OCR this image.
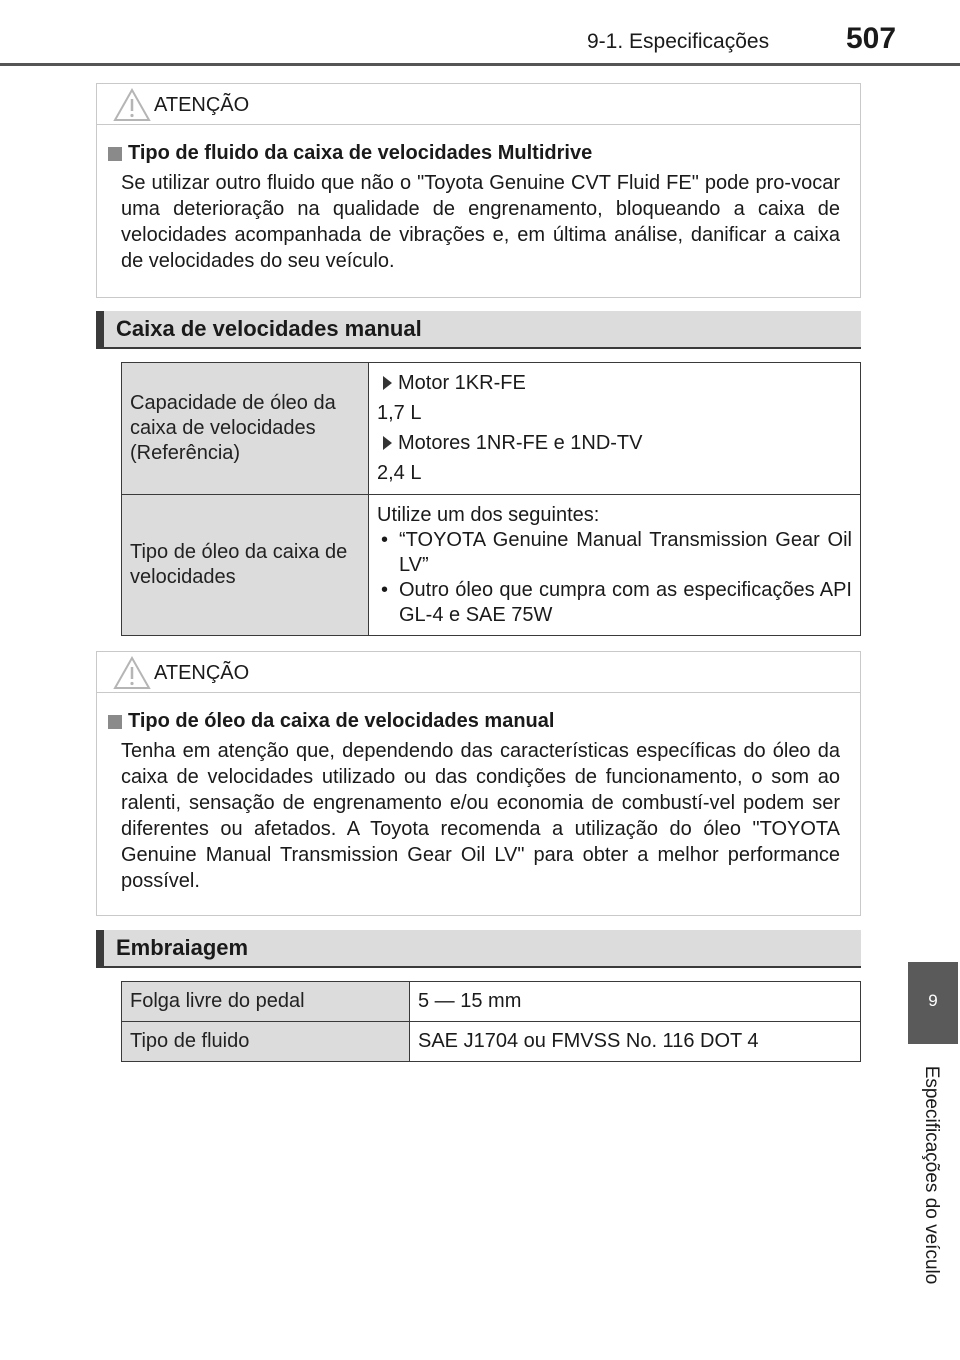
9-1. Especificações	507
9
Especificações do veículo
ATENÇÃO
Tipo de fluido da caixa de velocidades Multidrive
Se utilizar outro fluido que não o "Toyota Genuine CVT Fluid FE" pode pro-vocar uma deterioração na qualidade de engrenamento, bloqueando a caixa de velocidades acompanhada de vibrações e, em última análise, danificar a caixa de velocidades do seu veículo.
Caixa de velocidades manual
Capacidade de óleo da caixa de velocidades (Referência)	Motor 1KR-FE
1,7 L
Motores 1NR-FE e 1ND-TV
2,4 L

Tipo de óleo da caixa de velocidades	Utilize um dos seguintes:
• “TOYOTA Genuine Manual Transmission Gear Oil LV”
• Outro óleo que cumpra com as especificações API GL-4 e SAE 75W
ATENÇÃO
Tipo de óleo da caixa de velocidades manual
Tenha em atenção que, dependendo das características específicas do óleo da caixa de velocidades utilizado ou das condições de funcionamento, o som ao ralenti, sensação de engrenamento e/ou economia de combustí-vel podem ser diferentes ou afetados. A Toyota recomenda a utilização do óleo "TOYOTA Genuine Manual Transmission Gear Oil LV" para obter a melhor performance possível.
Embraiagem
Folga livre do pedal	5 — 15 mm
Tipo de fluido	SAE J1704 ou FMVSS No. 116 DOT 4
